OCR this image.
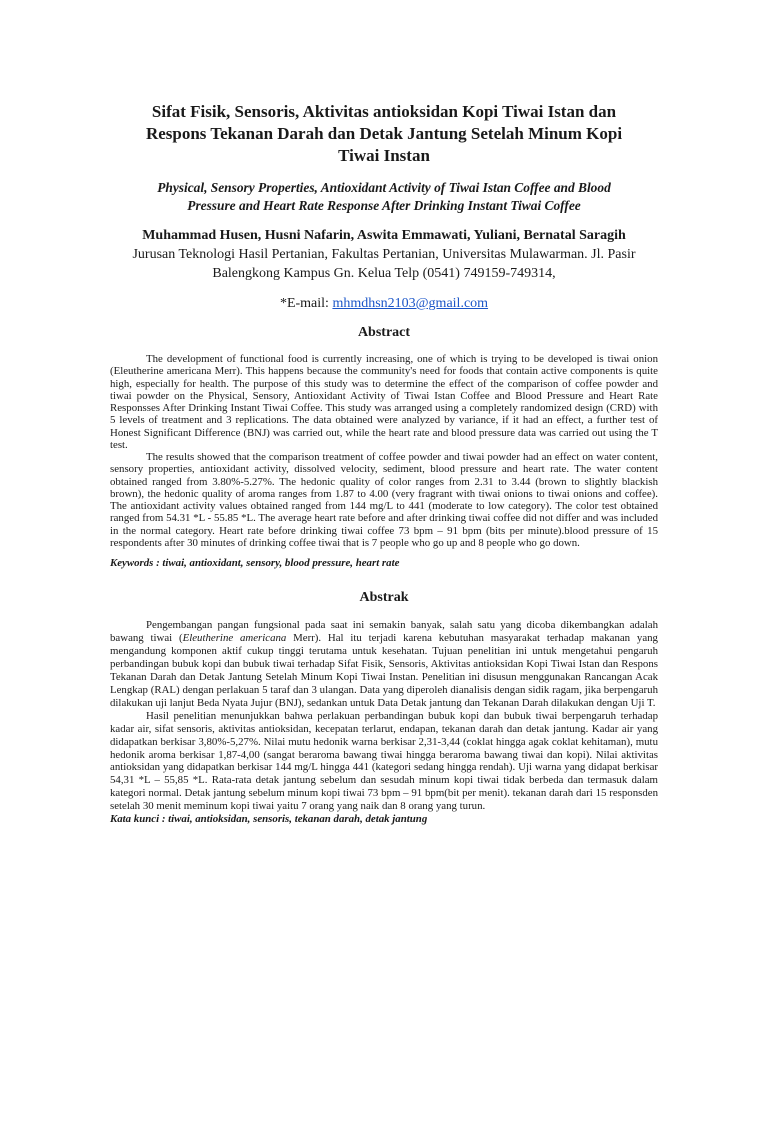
Sifat Fisik, Sensoris, Aktivitas antioksidan Kopi Tiwai Istan dan
Respons Tekanan Darah dan Detak Jantung Setelah Minum Kopi
Tiwai Instan
Physical, Sensory Properties, Antioxidant Activity of Tiwai Istan Coffee and Blood
Pressure and Heart Rate Response After Drinking Instant Tiwai Coffee
Muhammad Husen, Husni Nafarin, Aswita Emmawati, Yuliani, Bernatal Saragih
Jurusan Teknologi Hasil Pertanian, Fakultas Pertanian, Universitas Mulawarman. Jl. Pasir
Balengkong Kampus Gn. Kelua Telp (0541) 749159-749314,
*E-mail: mhmdhsn2103@gmail.com
Abstract

The development of functional food is currently increasing, one of which is trying to be developed is tiwai onion (Eleutherine americana Merr). This happens because the community's need for foods that contain active components is quite high, especially for health. The purpose of this study was to determine the effect of the comparison of coffee powder and tiwai powder on the Physical, Sensory, Antioxidant Activity of Tiwai Istan Coffee and Blood Pressure and Heart Rate Responsses After Drinking Instant Tiwai Coffee. This study was arranged using a completely randomized design (CRD) with 5 levels of treatment and 3 replications. The data obtained were analyzed by variance, if it had an effect, a further test of Honest Significant Difference (BNJ) was carried out, while the heart rate and blood pressure data was carried out using the T test.

The results showed that the comparison treatment of coffee powder and tiwai powder had an effect on water content, sensory properties, antioxidant activity, dissolved velocity, sediment, blood pressure and heart rate. The water content obtained ranged from 3.80%-5.27%. The hedonic quality of color ranges from 2.31 to 3.44 (brown to slightly blackish brown), the hedonic quality of aroma ranges from 1.87 to 4.00 (very fragrant with tiwai onions to tiwai onions and coffee). The antioxidant activity values obtained ranged from 144 mg/L to 441 (moderate to low category). The color test obtained ranged from 54.31 *L - 55.85 *L. The average heart rate before and after drinking tiwai coffee did not differ and was included in the normal category. Heart rate before drinking tiwai coffee 73 bpm – 91 bpm (bits per minute).blood pressure of 15 respondents after 30 minutes of drinking coffee tiwai that is 7 people who go up and 8 people who go down.

Keywords : tiwai, antioxidant, sensory, blood pressure, heart rate
Abstrak

Pengembangan pangan fungsional pada saat ini semakin banyak, salah satu yang dicoba dikembangkan adalah bawang tiwai (Eleutherine americana Merr). Hal itu terjadi karena kebutuhan masyarakat terhadap makanan yang mengandung komponen aktif cukup tinggi terutama untuk kesehatan. Tujuan penelitian ini untuk mengetahui pengaruh perbandingan bubuk kopi dan bubuk tiwai terhadap Sifat Fisik, Sensoris, Aktivitas antioksidan Kopi Tiwai Istan dan Respons Tekanan Darah dan Detak Jantung Setelah Minum Kopi Tiwai Instan. Penelitian ini disusun menggunakan Rancangan Acak Lengkap (RAL) dengan perlakuan 5 taraf dan 3 ulangan. Data yang diperoleh dianalisis dengan sidik ragam, jika berpengaruh dilakukan uji lanjut Beda Nyata Jujur (BNJ), sedankan untuk Data Detak jantung dan Tekanan Darah dilakukan dengan Uji T.

Hasil penelitian menunjukkan bahwa perlakuan perbandingan bubuk kopi dan bubuk tiwai berpengaruh terhadap kadar air, sifat sensoris, aktivitas antioksidan, kecepatan terlarut, endapan, tekanan darah dan detak jantung. Kadar air yang didapatkan berkisar 3,80%-5,27%. Nilai mutu hedonik warna berkisar 2,31-3,44 (coklat hingga agak coklat kehitaman), mutu hedonik aroma berkisar 1,87-4,00 (sangat beraroma bawang tiwai hingga beraroma bawang tiwai dan kopi). Nilai aktivitas antioksidan yang didapatkan berkisar 144 mg/L hingga 441 (kategori sedang hingga rendah). Uji warna yang didapat berkisar 54,31 *L – 55,85 *L. Rata-rata detak jantung sebelum dan sesudah minum kopi tiwai tidak berbeda dan termasuk dalam kategori normal. Detak jantung sebelum minum kopi tiwai 73 bpm – 91 bpm(bit per menit). tekanan darah dari 15 responsden setelah 30 menit meminum kopi tiwai yaitu 7 orang yang naik dan 8 orang yang turun.

Kata kunci : tiwai, antioksidan, sensoris, tekanan darah, detak jantung
